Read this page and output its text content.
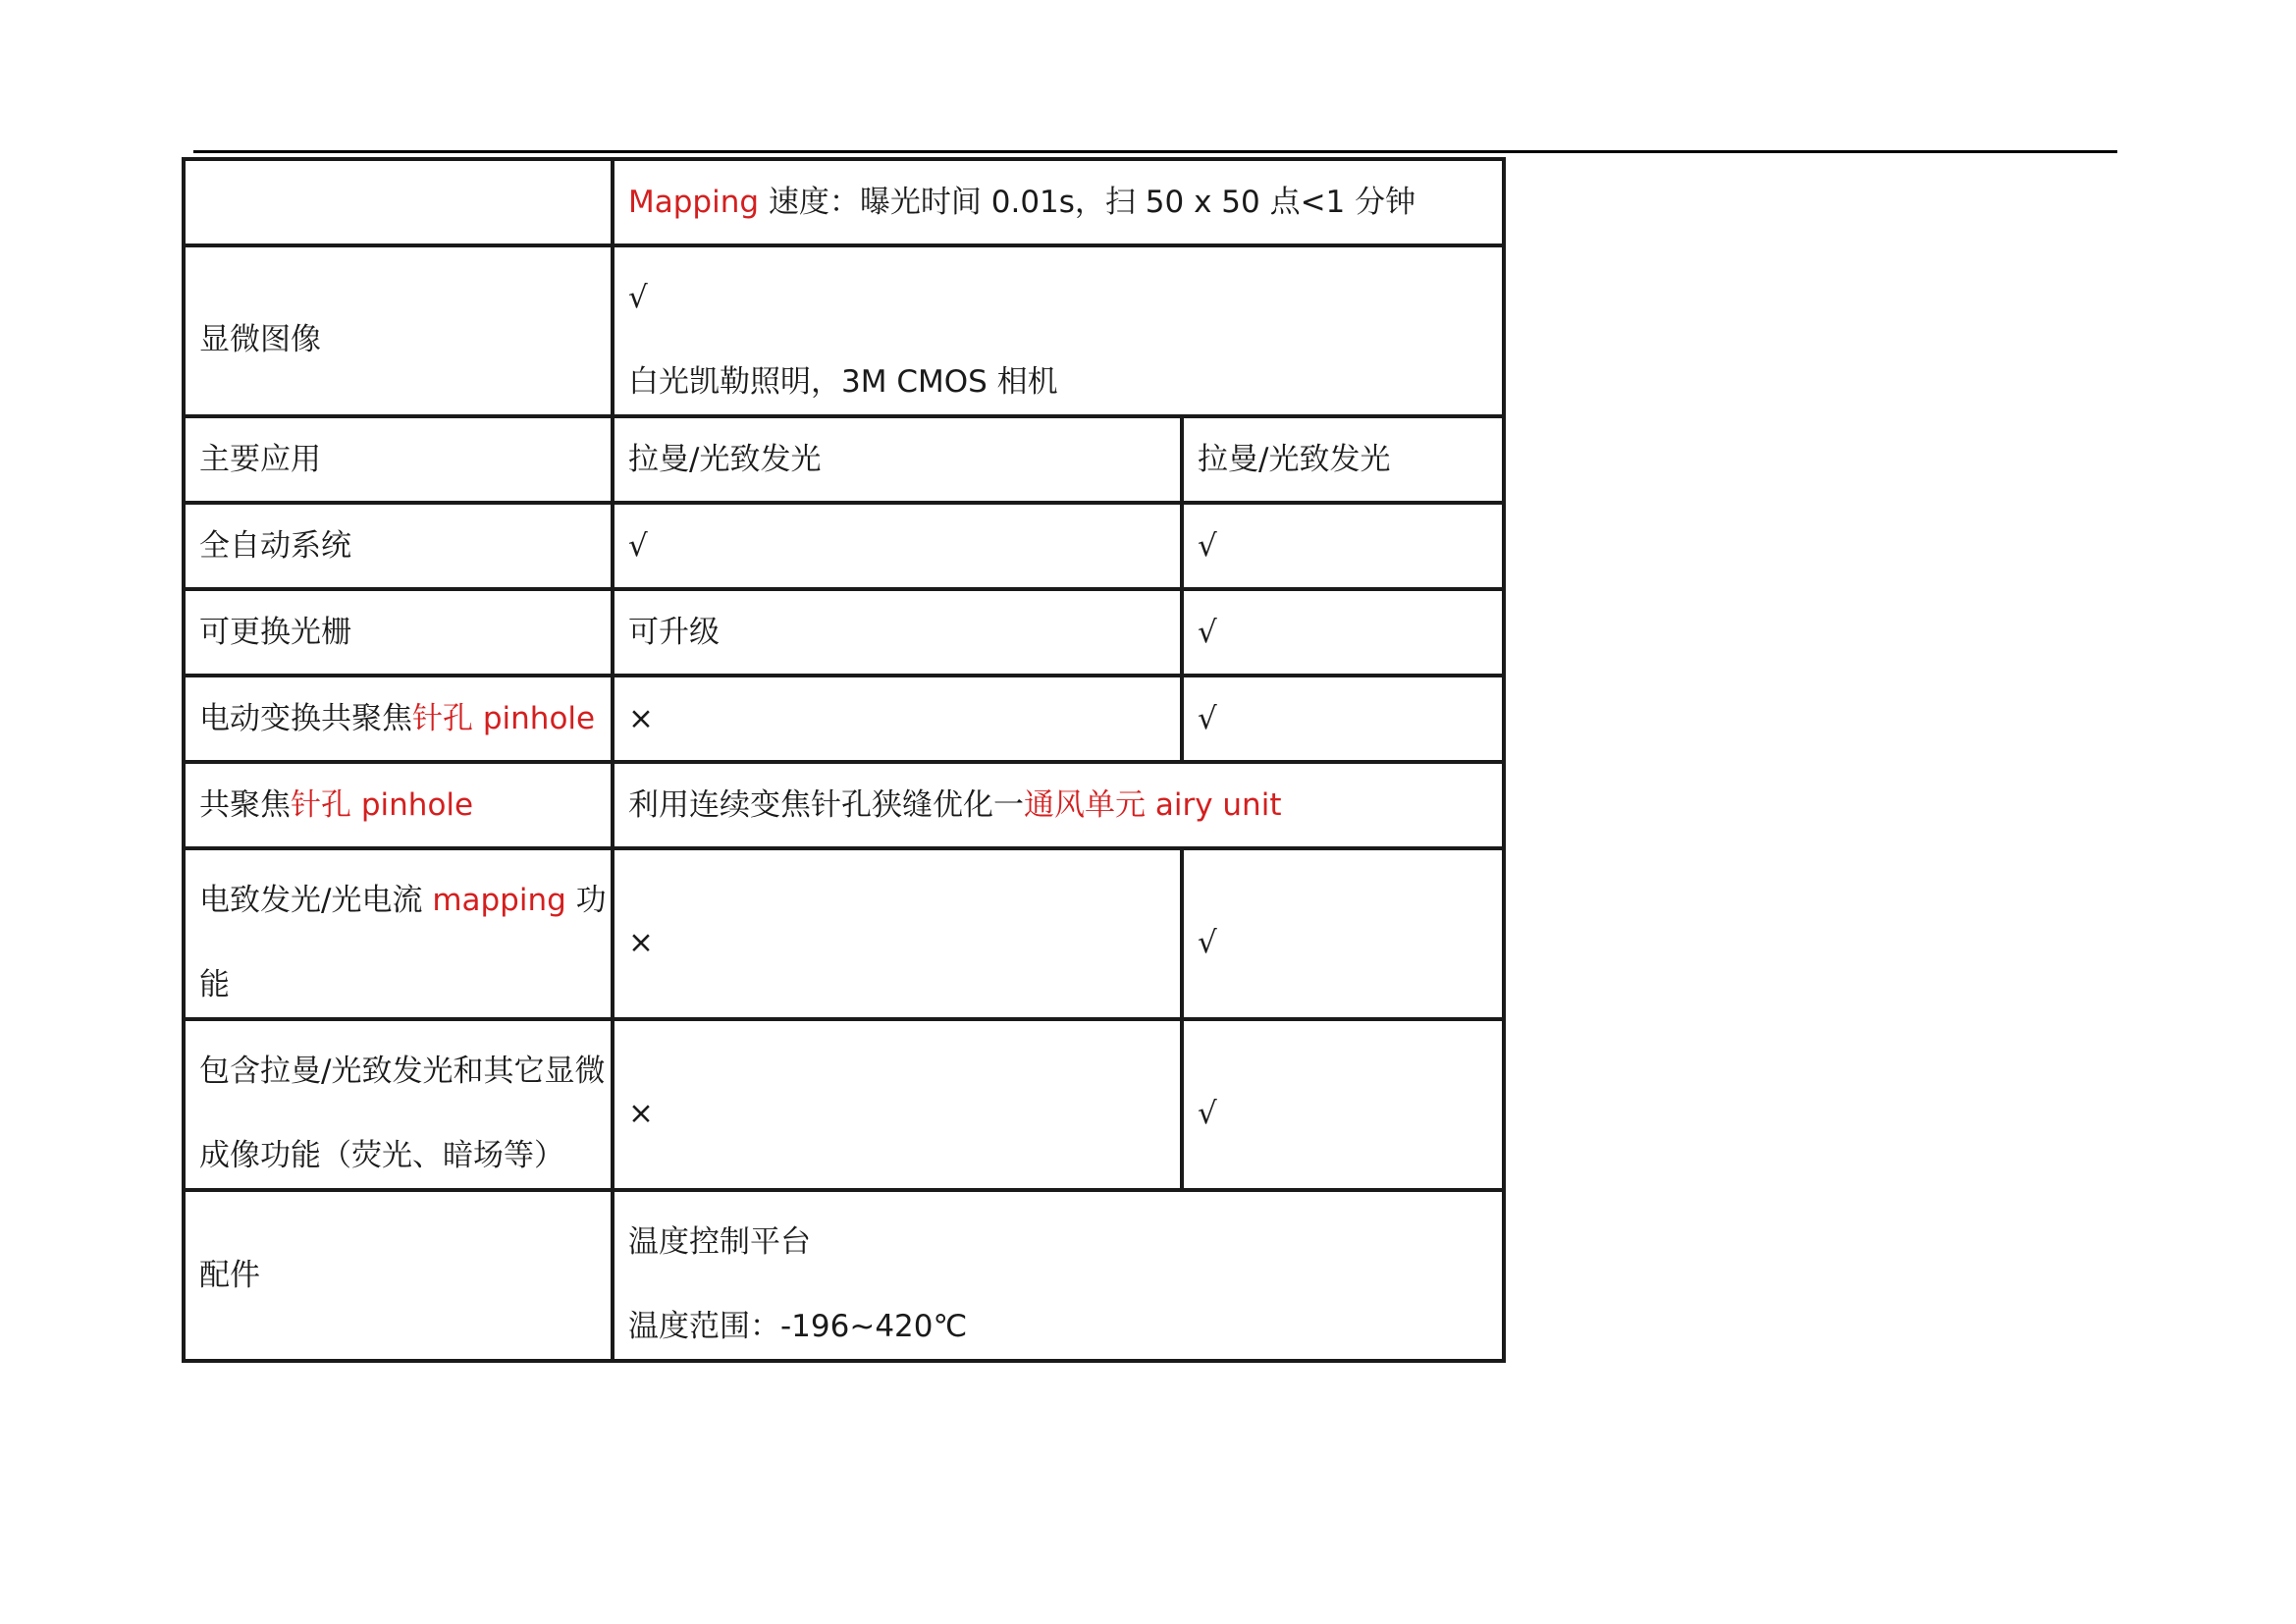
	Mapping 速度：曝光时间 0.01s，扫 50 x 50 点<1 分钟	

显微图像	√
白光凯勒照明，3M CMOS 相机	

主要应用	拉曼/光致发光	拉曼/光致发光
全自动系统	√	√
可更换光栅	可升级	√
电动变换共聚焦针孔 pinhole	×	√
共聚焦针孔 pinhole	利用连续变焦针孔狭缝优化一通风单元 airy unit	

电致发光/光电流 mapping 功
能	×	√

包含拉曼/光致发光和其它显微
成像功能（荧光、暗场等）	×	√

配件	温度控制平台
温度范围：-196~420℃	
